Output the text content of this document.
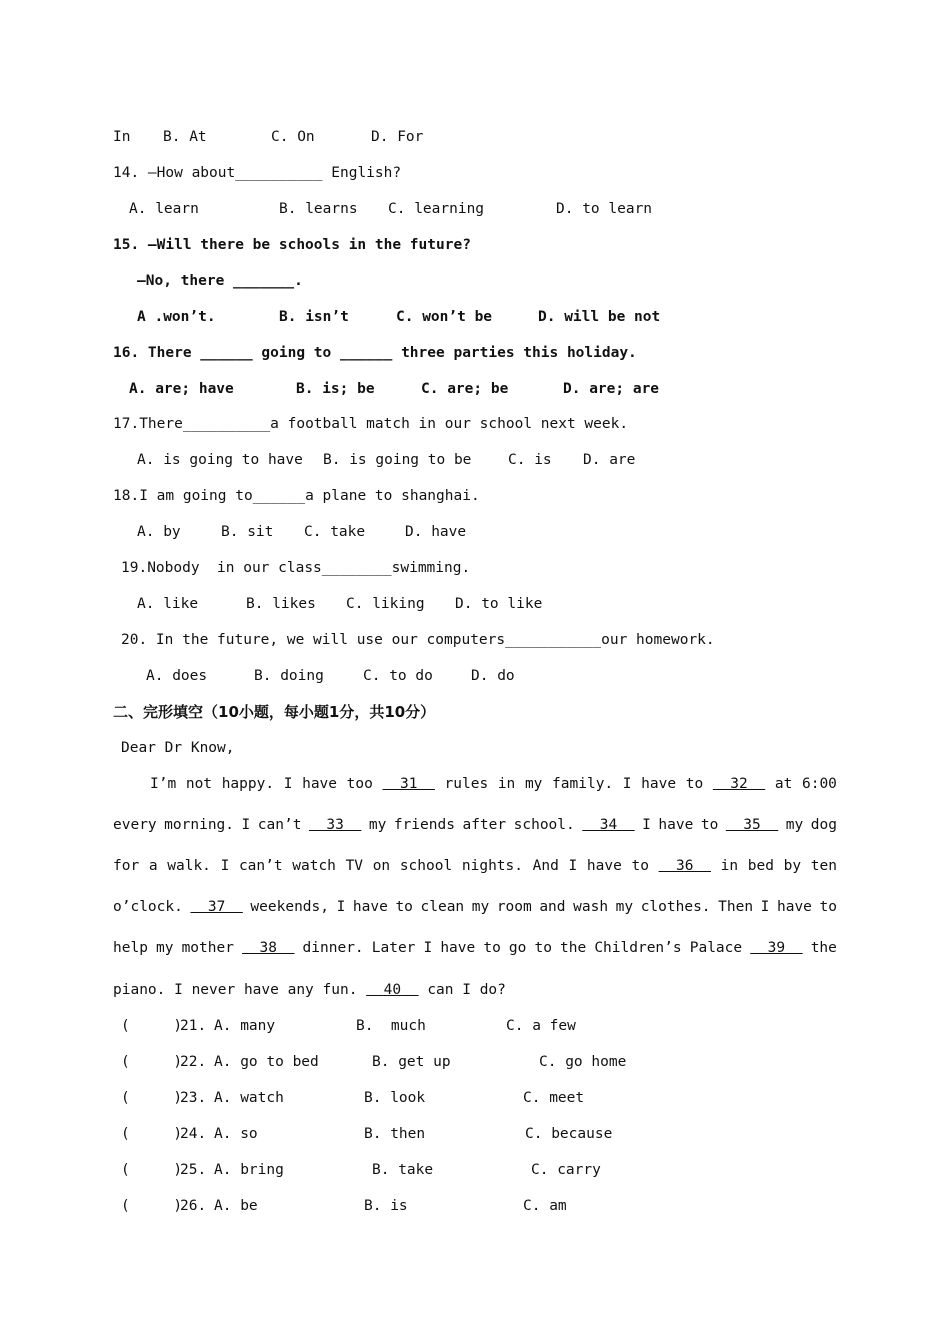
In B. At	C. On	D. For
14. —How about__________ English?
A. learn	B. learns C. learning	D. to learn
15. —Will there be schools in the future?
—No, there _______.
A .won’t.	B. isn’t	C. won’t be	D. will be not
16. There ______ going to ______ three parties this holiday.
A. are; have	B. is; be	C. are; be	D. are; are
17.There__________a football match in our school next week.
A. is going to have B. is going to be	C. is D. are
18.I am going to______a plane to shanghai.
A. by	B. sit C. take	D. have
19.Nobody  in our class________swimming.
A. like	B. likes C. liking D. to like
20. In the future, we will use our computers___________our homework.
A. does	B. doing	C. to do	D. do
二、完形填空（10小题，每小题1分，共10分）
Dear Dr Know,
I’m not happy. I have too 31 rules in my family. I have to 32 at 6:00
every morning. I can’t 33 my friends after school. 34 I have to 35 my dog
for a walk. I can’t watch TV on school nights. And I have to 36 in bed by ten
o’clock. 37 weekends, I have to clean my room and wash my clothes. Then I have to
help my mother 38 dinner. Later I have to go to the Children’s Palace 39 the
piano. I never have any fun. 40 can I do?
(     )
21. A. many	B.  much	C. a few
(     )
22. A. go to bed	B. get up	C. go home
(     )
23. A. watch	B. look	C. meet
(     )
24. A. so	B. then	C. because
(     )
25. A. bring	B. take	C. carry
(     )
26. A. be	B. is	C. am
